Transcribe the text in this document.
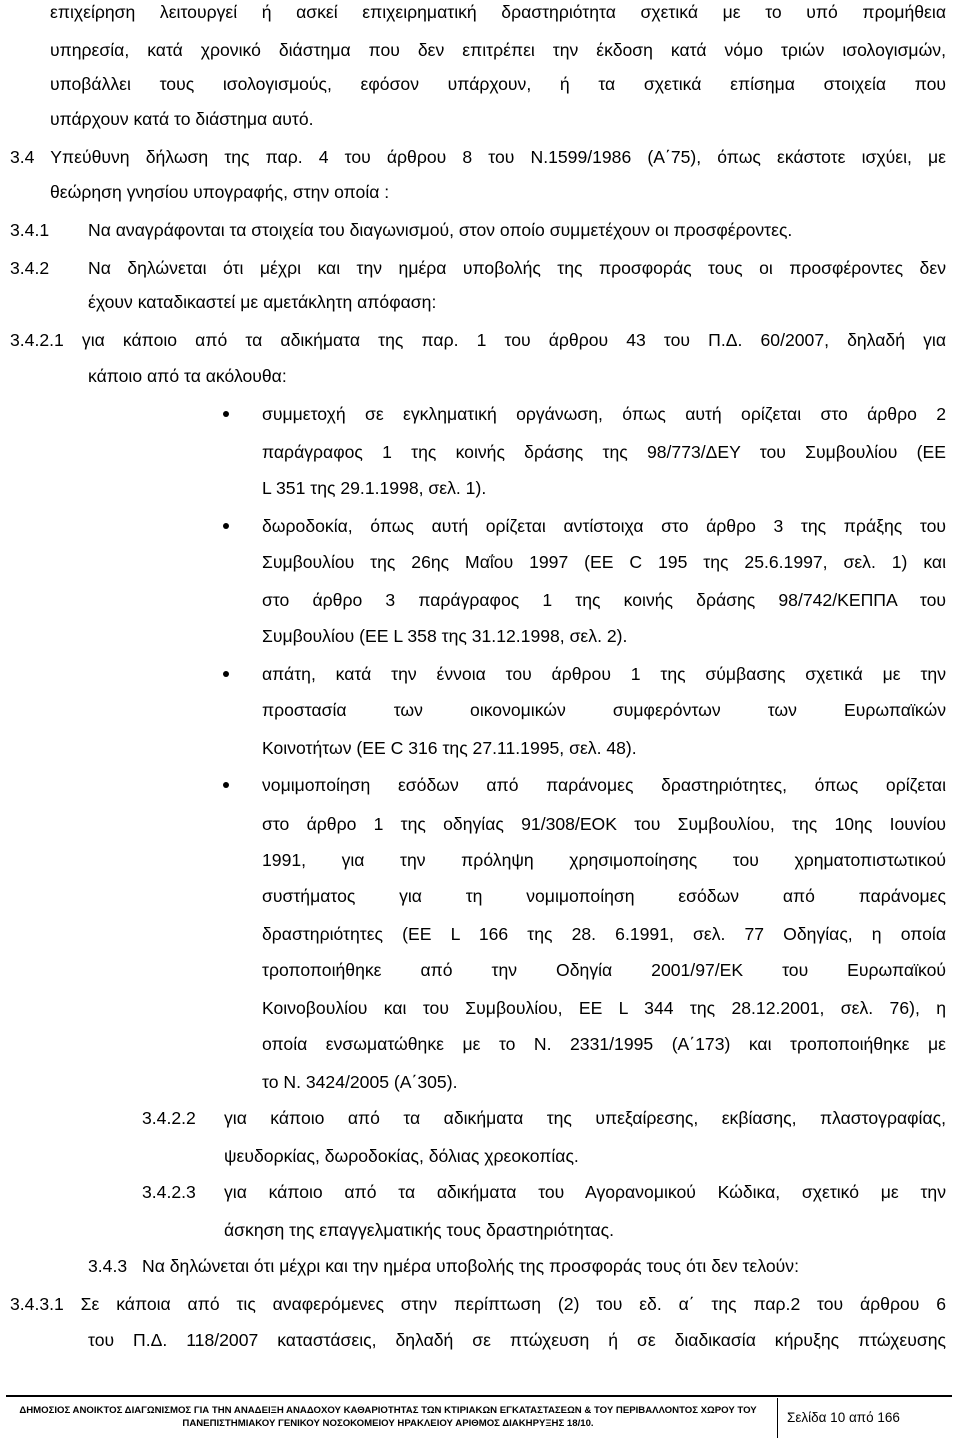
επιχείρηση λειτουργεί ή ασκεί επιχειρηματική δραστηριότητα σχετικά με το υπό προμήθεια
υπηρεσία, κατά χρονικό διάστημα που δεν επιτρέπει την έκδοση κατά νόμο τριών ισολογισμών,
υποβάλλει τους ισολογισμούς, εφόσον υπάρχουν, ή τα σχετικά επίσημα στοιχεία που
υπάρχουν κατά το διάστημα αυτό.
3.4 Υπεύθυνη δήλωση της παρ. 4 του άρθρου 8 του Ν.1599/1986 (Α΄75), όπως εκάστοτε ισχύει, με
θεώρηση γνησίου υπογραφής, στην οποία :
3.4.1 Να αναγράφονται τα στοιχεία του διαγωνισμού, στον οποίο συμμετέχουν οι προσφέροντες.
3.4.2 Να δηλώνεται ότι μέχρι και την ημέρα υποβολής της προσφοράς τους οι προσφέροντες δεν
έχουν καταδικαστεί με αμετάκλητη απόφαση:
3.4.2.1 για κάποιο από τα αδικήματα της παρ. 1 του άρθρου 43 του Π.Δ. 60/2007, δηλαδή για
κάποιο από τα ακόλουθα:
συμμετοχή σε εγκληματική οργάνωση, όπως αυτή ορίζεται στο άρθρο 2
παράγραφος 1 της κοινής δράσης της 98/773/ΔΕΥ του Συμβουλίου (ΕΕ
L 351 της 29.1.1998, σελ. 1).
δωροδοκία, όπως αυτή ορίζεται αντίστοιχα στο άρθρο 3 της πράξης του
Συμβουλίου της 26ης Μαΐου 1997 (ΕΕ C 195 της 25.6.1997, σελ. 1) και
στο άρθρο 3 παράγραφος 1 της κοινής δράσης 98/742/ΚΕΠΠΑ του
Συμβουλίου (ΕΕ L 358 της 31.12.1998, σελ. 2).
απάτη, κατά την έννοια του άρθρου 1 της σύμβασης σχετικά με την
προστασία των οικονομικών συμφερόντων των Ευρωπαϊκών
Κοινοτήτων (ΕΕ C 316 της 27.11.1995, σελ. 48).
νομιμοποίηση εσόδων από παράνομες δραστηριότητες, όπως ορίζεται
στο άρθρο 1 της οδηγίας 91/308/ΕΟΚ του Συμβουλίου, της 10ης Ιουνίου
1991, για την πρόληψη χρησιμοποίησης του χρηματοπιστωτικού
συστήματος για τη νομιμοποίηση εσόδων από παράνομες
δραστηριότητες (ΕΕ L 166 της 28. 6.1991, σελ. 77 Οδηγίας, η οποία
τροποποιήθηκε από την Οδηγία 2001/97/ΕΚ του Ευρωπαϊκού
Κοινοβουλίου και του Συμβουλίου, ΕΕ L 344 της 28.12.2001, σελ. 76), η
οποία ενσωματώθηκε με το Ν. 2331/1995 (Α΄173) και τροποποιήθηκε με
το Ν. 3424/2005 (Α΄305).
3.4.2.2 για κάποιο από τα αδικήματα της υπεξαίρεσης, εκβίασης, πλαστογραφίας,
ψευδορκίας, δωροδοκίας, δόλιας χρεοκοπίας.
3.4.2.3 για κάποιο από τα αδικήματα του Αγορανομικού Κώδικα, σχετικό με την
άσκηση της επαγγελματικής τους δραστηριότητας.
3.4.3 Να δηλώνεται ότι μέχρι και την ημέρα υποβολής της προσφοράς τους ότι δεν τελούν:
3.4.3.1 Σε κάποια από τις αναφερόμενες στην περίπτωση (2) του εδ. α΄ της παρ.2 του άρθρου 6
του Π.Δ. 118/2007 καταστάσεις, δηλαδή σε πτώχευση ή σε διαδικασία κήρυξης πτώχευσης
ΔΗΜΟΣΙΟΣ ΑΝΟΙΚΤΟΣ ΔΙΑΓΩΝΙΣΜΟΣ ΓΙΑ ΤΗΝ ΑΝΑΔΕΙΞΗ ΑΝΑΔΟΧΟΥ ΚΑΘΑΡΙΟΤΗΤΑΣ ΤΩΝ ΚΤΙΡΙΑΚΩΝ ΕΓΚΑΤΑΣΤΑΣΕΩΝ & ΤΟΥ ΠΕΡΙΒΑΛΛΟΝΤΟΣ ΧΩΡΟΥ ΤΟΥ
ΠΑΝΕΠΙΣΤΗΜΙΑΚΟΥ ΓΕΝΙΚΟΥ ΝΟΣΟΚΟΜΕΙΟΥ ΗΡΑΚΛΕΙΟΥ ΑΡΙΘΜΟΣ ΔΙΑΚΗΡΥΞΗΣ 18/10.	Σελίδα 10 από 166
